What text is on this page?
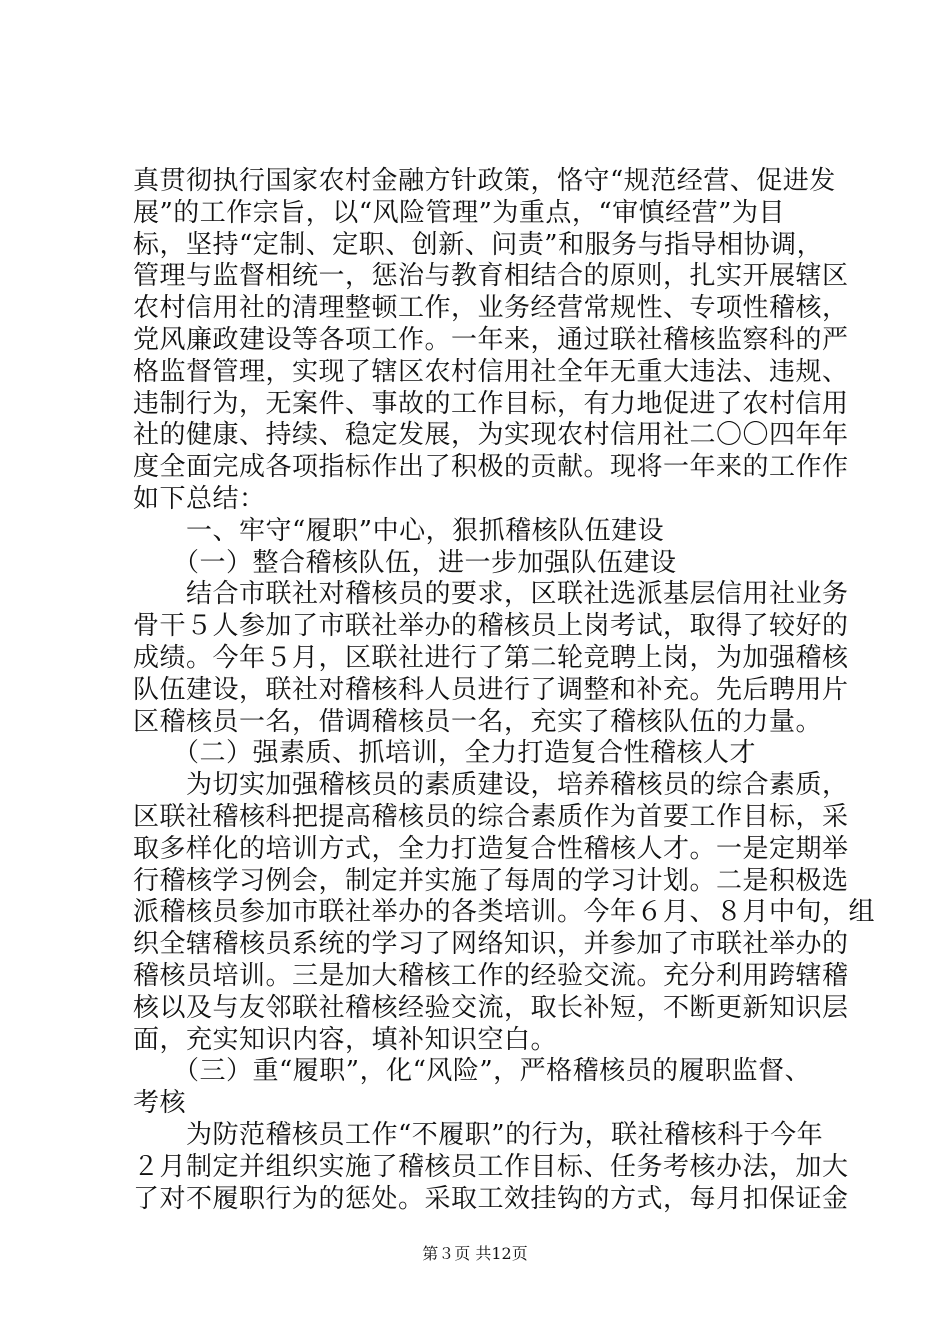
真贯彻执行国家农村金融方针政策，恪守“规范经营、促进发

展”的工作宗旨，以“风险管理”为重点，“审慎经营”为目

标，坚持“定制、定职、创新、问责”和服务与指导相协调，

管理与监督相统一，惩治与教育相结合的原则，扎实开展辖区

农村信用社的清理整顿工作，业务经营常规性、专项性稽核，

党风廉政建设等各项工作。一年来，通过联社稽核监察科的严

格监督管理，实现了辖区农村信用社全年无重大违法、违规、

违制行为，无案件、事故的工作目标，有力地促进了农村信用

社的健康、持续、稳定发展，为实现农村信用社二〇〇四年年

度全面完成各项指标作出了积极的贡献。现将一年来的工作作

如下总结：

　　一、牢守“履职”中心，狠抓稽核队伍建设

　　（一）整合稽核队伍，进一步加强队伍建设

　　结合市联社对稽核员的要求，区联社选派基层信用社业务

骨干５人参加了市联社举办的稽核员上岗考试，取得了较好的

成绩。今年５月，区联社进行了第二轮竞聘上岗，为加强稽核

队伍建设，联社对稽核科人员进行了调整和补充。先后聘用片

区稽核员一名，借调稽核员一名，充实了稽核队伍的力量。

　　（二）强素质、抓培训，全力打造复合性稽核人才

　　为切实加强稽核员的素质建设，培养稽核员的综合素质，

区联社稽核科把提高稽核员的综合素质作为首要工作目标，采

取多样化的培训方式，全力打造复合性稽核人才。一是定期举

行稽核学习例会，制定并实施了每周的学习计划。二是积极选

派稽核员参加市联社举办的各类培训。今年６月、８月中旬，组

织全辖稽核员系统的学习了网络知识，并参加了市联社举办的

稽核员培训。三是加大稽核工作的经验交流。充分利用跨辖稽

核以及与友邻联社稽核经验交流，取长补短，不断更新知识层

面，充实知识内容，填补知识空白。

　　（三）重“履职”，化“风险”，严格稽核员的履职监督、

考核

　　为防范稽核员工作“不履职”的行为，联社稽核科于今年

２月制定并组织实施了稽核员工作目标、任务考核办法，加大

了对不履职行为的惩处。采取工效挂钩的方式，每月扣保证金

第３页 共12页
